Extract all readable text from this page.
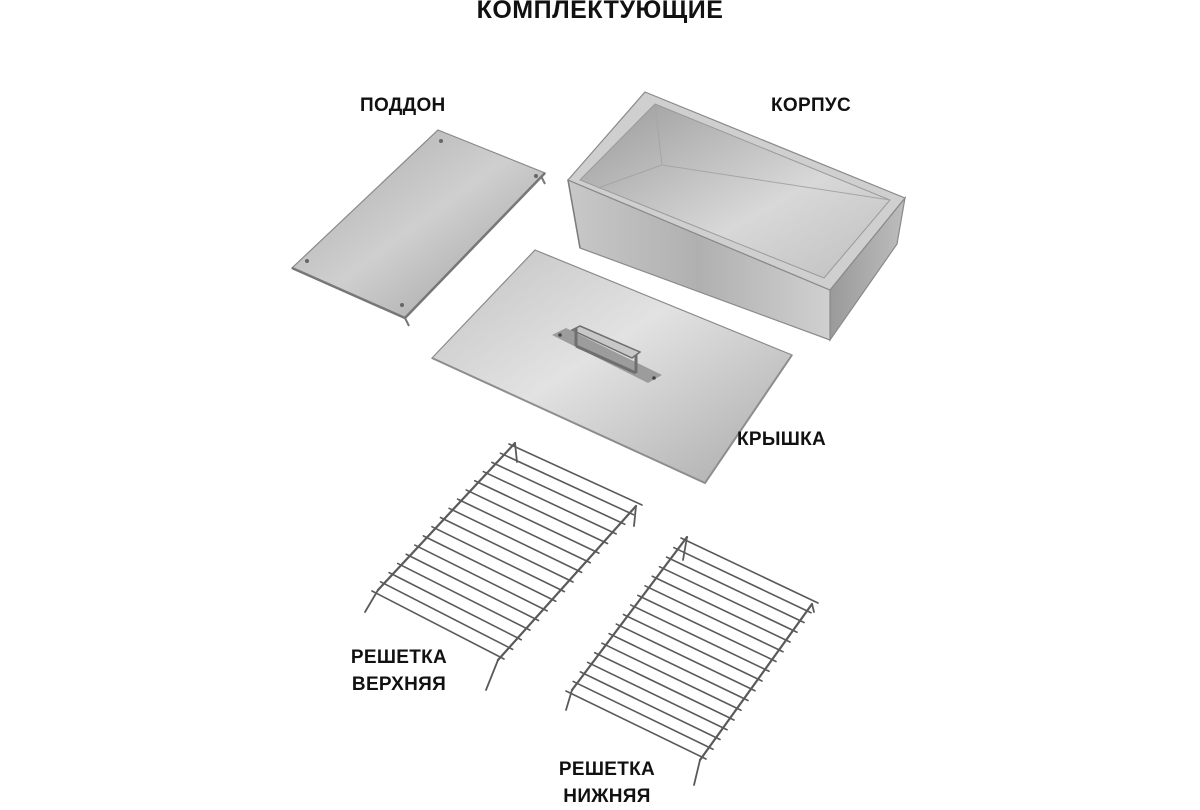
КОМПЛЕКТУЮЩИЕ
ПОДДОН	КОРПУС
КРЫШКА
РЕШЕТКА
ВЕРХНЯЯ
РЕШЕТКА
НИЖНЯЯ
